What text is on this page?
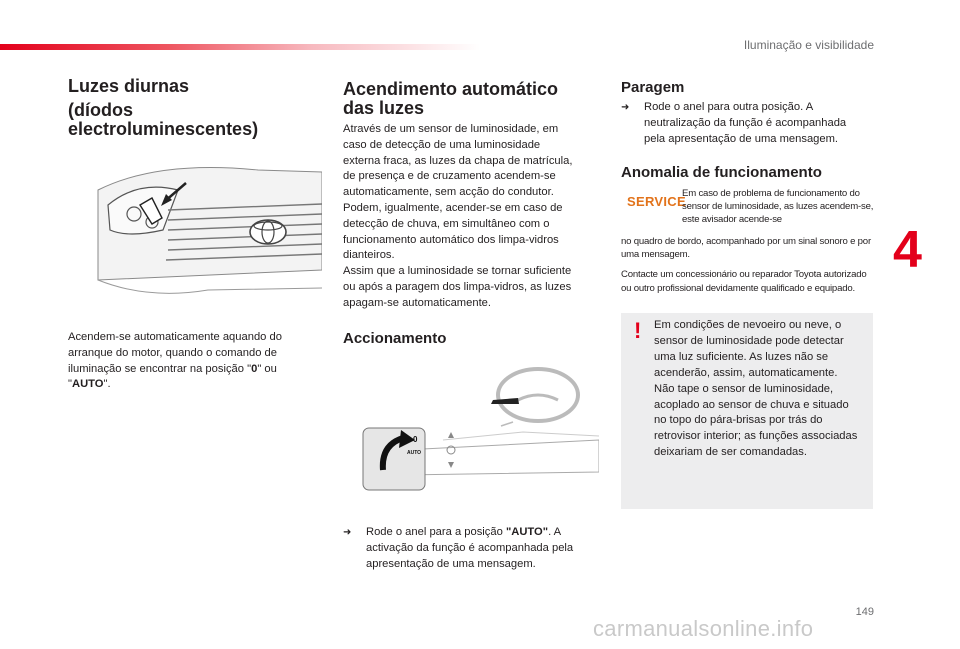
Iluminação e visibilidade
4
Luzes diurnas
(díodos
electroluminescentes)

Acendem-se automaticamente aquando do arranque do motor, quando o comando de iluminação se encontrar na posição "0" ou "AUTO".

Acendimento automático
das luzes

Através de um sensor de luminosidade, em

caso de detecção de uma luminosidade

externa fraca, as luzes da chapa de matrícula,

de presença e de cruzamento acendem-se

automaticamente, sem acção do condutor.

Podem, igualmente, acender-se em caso de

detecção de chuva, em simultâneo com o

funcionamento automático dos limpa-vidros

dianteiros.

Assim que a luminosidade se tornar suficiente

ou após a paragem dos limpa-vidros, as luzes

apagam-se automaticamente.

Accionamento
0
AUTO
➜	Rode o anel para a posição "AUTO". A activação da função é acompanhada pela apresentação de uma mensagem.
Paragem
➜	Rode o anel para outra posição. A neutralização da função é acompanhada pela apresentação de uma mensagem.
Anomalia de funcionamento
SERVICE

Em caso de problema de funcionamento do sensor de luminosidade, as luzes acendem-se, este avisador acende-se

no quadro de bordo, acompanhado por um sinal sonoro e por uma mensagem.

Contacte um concessionário ou reparador Toyota autorizado ou outro profissional devidamente qualificado e equipado.

! Em condições de nevoeiro ou neve, o sensor de luminosidade pode detectar uma luz suficiente. As luzes não se acenderão, assim, automaticamente. Não tape o sensor de luminosidade, acoplado ao sensor de chuva e situado no topo do pára-brisas por trás do retrovisor interior; as funções associadas deixariam de ser comandadas.
149
carmanualsonline.info
